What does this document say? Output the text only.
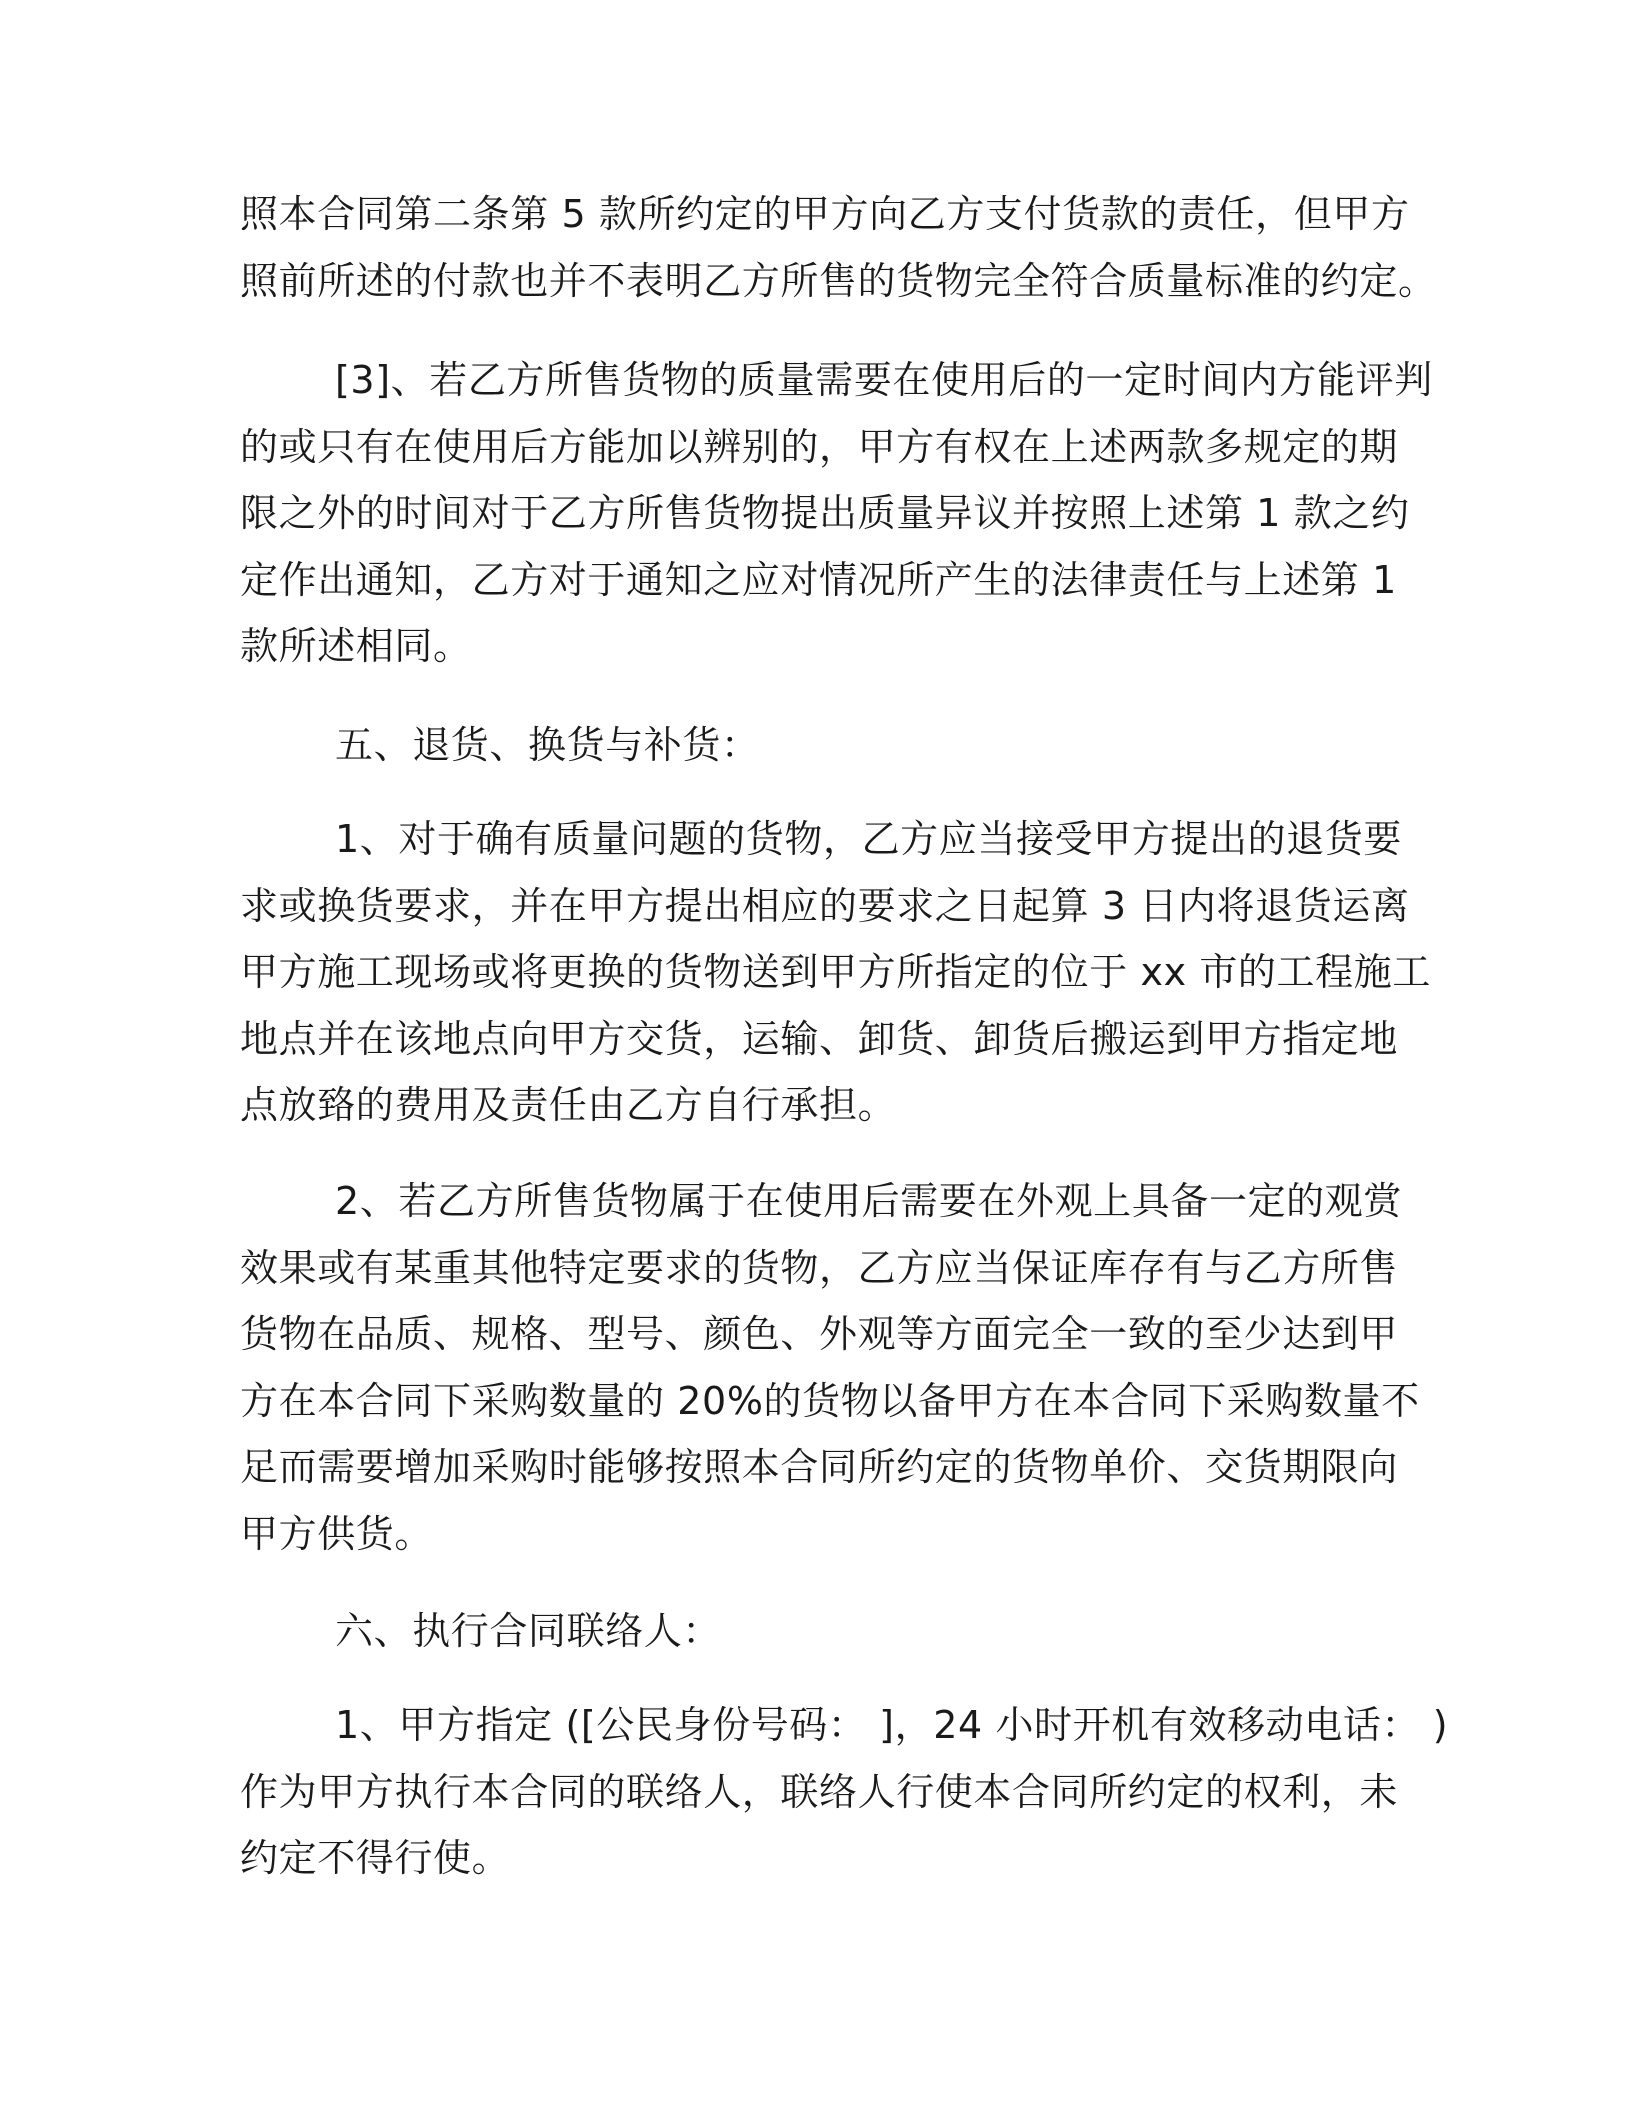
照本合同第二条第 5 款所约定的甲方向乙方支付货款的责任，但甲方
照前所述的付款也并不表明乙方所售的货物完全符合质量标准的约定。
[3]、若乙方所售货物的质量需要在使用后的一定时间内方能评判
的或只有在使用后方能加以辨别的，甲方有权在上述两款多规定的期
限之外的时间对于乙方所售货物提出质量异议并按照上述第 1 款之约
定作出通知，乙方对于通知之应对情况所产生的法律责任与上述第 1
款所述相同。
五、退货、换货与补货：
1、对于确有质量问题的货物，乙方应当接受甲方提出的退货要
求或换货要求，并在甲方提出相应的要求之日起算 3 日内将退货运离
甲方施工现场或将更换的货物送到甲方所指定的位于 xx 市的工程施工
地点并在该地点向甲方交货，运输、卸货、卸货后搬运到甲方指定地
点放臵的费用及责任由乙方自行承担。
2、若乙方所售货物属于在使用后需要在外观上具备一定的观赏
效果或有某重其他特定要求的货物，乙方应当保证库存有与乙方所售
货物在品质、规格、型号、颜色、外观等方面完全一致的至少达到甲
方在本合同下采购数量的 20%的货物以备甲方在本合同下采购数量不
足而需要增加采购时能够按照本合同所约定的货物单价、交货期限向
甲方供货。
六、执行合同联络人：
1、甲方指定 ([公民身份号码： ]，24 小时开机有效移动电话： )
作为甲方执行本合同的联络人，联络人行使本合同所约定的权利，未
约定不得行使。
